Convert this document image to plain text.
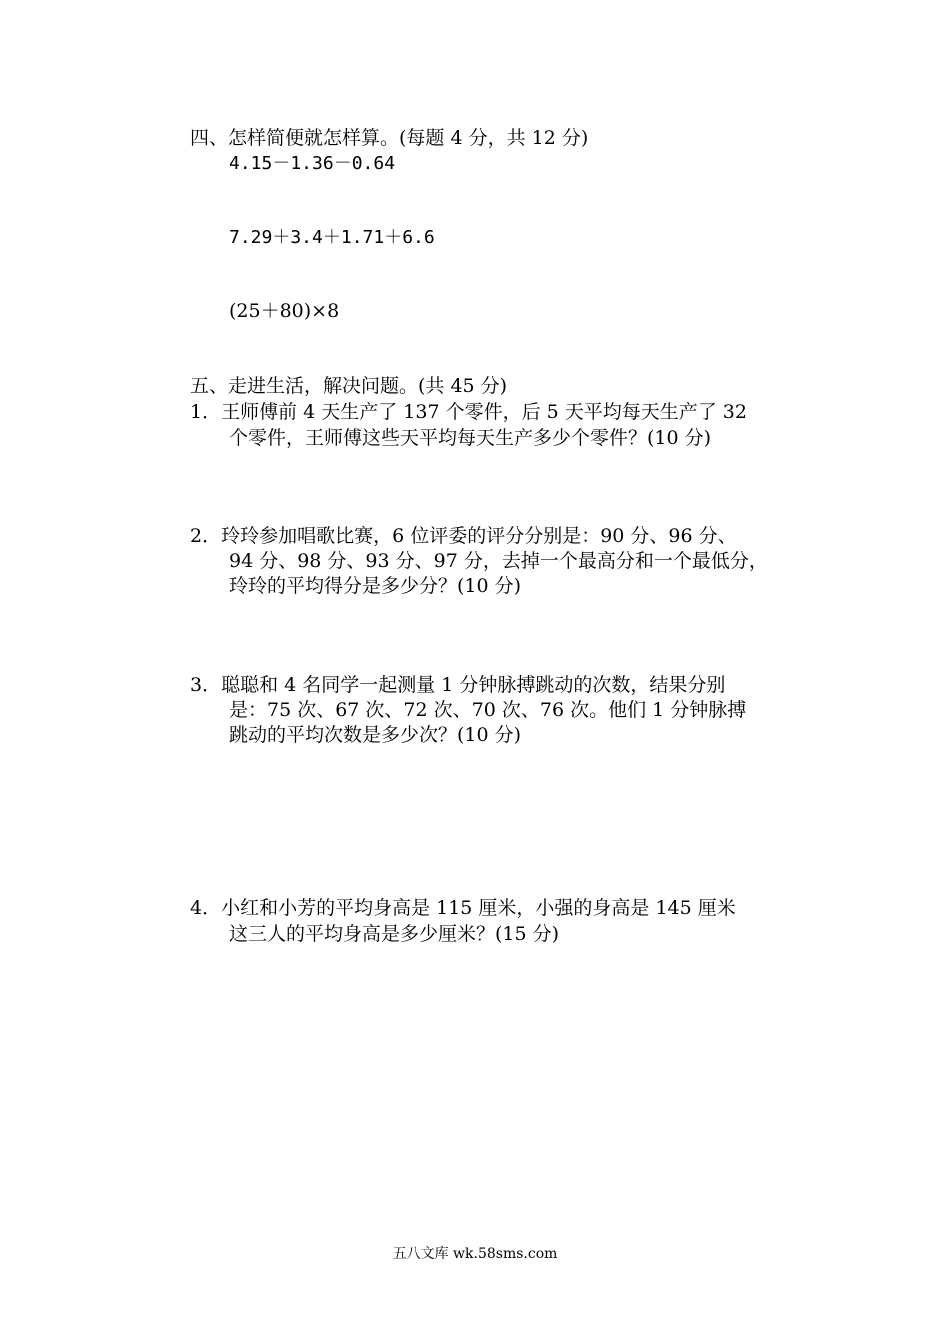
四、怎样简便就怎样算。(每题 4 分，共 12 分)
4.15－1.36－0.64
7.29＋3.4＋1.71＋6.6
(25＋80)×8
五、走进生活，解决问题。(共 45 分)
1．王师傅前 4 天生产了 137 个零件，后 5 天平均每天生产了 32
个零件，王师傅这些天平均每天生产多少个零件？(10 分)
2．玲玲参加唱歌比赛，6 位评委的评分分别是：90 分、96 分、
94 分、98 分、93 分、97 分，去掉一个最高分和一个最低分，
玲玲的平均得分是多少分？(10 分)
3．聪聪和 4 名同学一起测量 1 分钟脉搏跳动的次数，结果分别
是：75 次、67 次、72 次、70 次、76 次。他们 1 分钟脉搏
跳动的平均次数是多少次？(10 分)
4．小红和小芳的平均身高是 115 厘米，小强的身高是 145 厘米
这三人的平均身高是多少厘米？(15 分)
五八文库 wk.58sms.com
